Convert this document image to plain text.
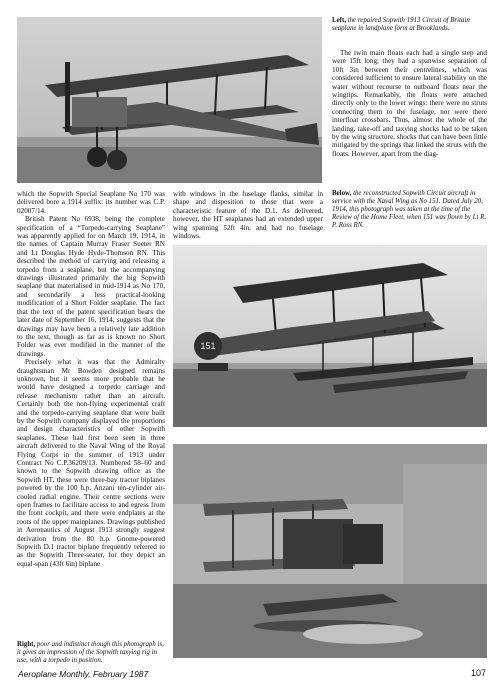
Left, the repaired Sopwith 1913 Circuit of Britain seaplane in landplane form at Brooklands.

The twin main floats each had a single step and were 15ft long; they had a spanwise separation of 10ft 3in between their centrelines, which was considered sufficient to ensure lateral stability on the water without recourse to outboard floats near the wingtips. Remarkably, the floats were attached directly only to the lower wings: there were no struts connecting them to the fuselage, nor were there interfloat crossbars. Thus, almost the whole of the landing, take-off and taxying shocks had to be taken by the wing structure, shocks that can have been little mitigated by the springs that linked the struts with the floats. However, apart from the diag-

which the Sopwith Special Seaplane No 170 was delivered bore a 1914 suffix: its number was C.P. 02007/14.

British Patent No 6938, being the complete specification of a “Torpedo-carrying Seaplane” was apparently applied for on March 19, 1914, in the names of Captain Murray Fraser Sueter RN and Lt Douglas Hyde Hyde-Thomson RN. This described the method of carrying and releasing a torpedo from a seaplane, but the accompanying drawings illustrated primarily the big Sopwith seaplane that materialised in mid-1914 as No 170, and secondarily a less practical-looking modification of a Short Folder seaplane. The fact that the text of the patent specification bears the later date of September 16, 1914, suggests that the drawings may have been a relatively late addition to the text, though as far as is known no Short Folder was ever modified in the manner of the drawings.

Precisely what it was that the Admiralty draughtsman Mr Bowden designed remains unknown, but it seems more probable that he would have designed a torpedo carriage and release mechanism rather than an aircraft. Certainly both the non-flying experimental craft and the torpedo-carrying seaplane that were built by the Sopwith company displayed the proportions and design characteristics of other Sopwith seaplanes. These had first been seen in three aircraft delivered to the Naval Wing of the Royal Flying Corps in the summer of 1913 under Contract No C.P.36209/13. Numbered 58–60 and known to the Sopwith drawing office as the Sopwith HT, these were three-bay tractor biplanes powered by the 100 h.p. Anzani ten-cylinder air-cooled radial engine. Their centre sections were open frames to facilitate access to and egress from the front cockpit, and there were endplates at the roots of the upper mainplanes. Drawings published in Aeronautics of August 1913 strongly suggest derivation from the 80 h.p. Gnome-powered Sopwith D.1 tractor biplane frequently referred to as the Sopwith Three-seater, for they depict an equal-span (43ft 6in) biplane

with windows in the fuselage flanks, similar in shape and disposition to those that were a characteristic feature of the D.1. As delivered, however, the HT seaplanes had an extended upper wing spanning 52ft 4in, and had no fuselage windows.

Below, the reconstructed Sopwith Circuit aircraft in service with the Naval Wing as No 151. Dated July 20, 1914, this photograph was taken at the time of the Review of the Home Fleet, when 151 was flown by Lt R. P. Ross RN.

151

Right, poor and indistinct though this photograph is, it gives an impression of the Sopwith taxying rig in use, with a torpedo in position.

Aeroplane Monthly, February 1987	107
